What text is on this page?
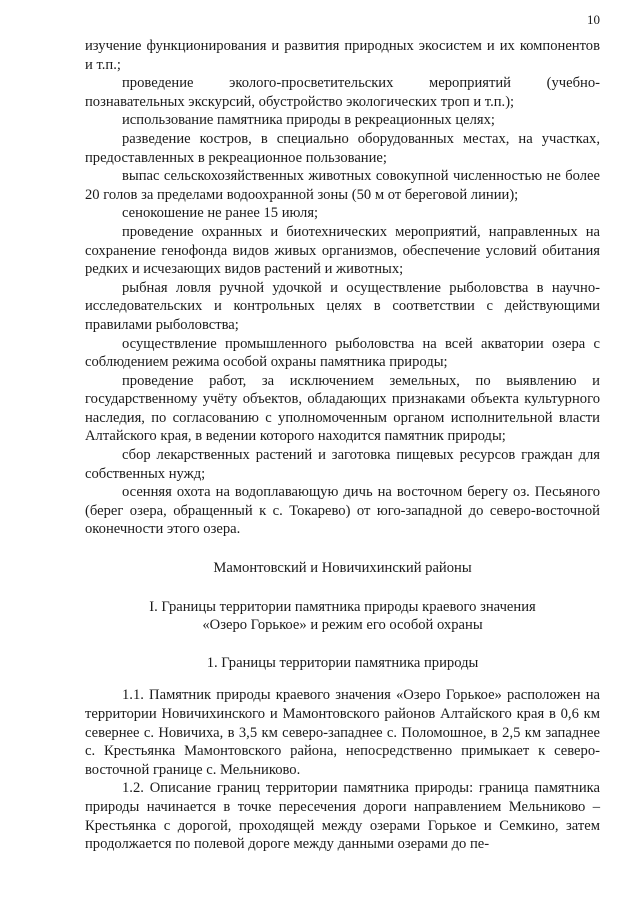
10

изучение функционирования и развития природных экосистем и их компонентов и т.п.;

проведение эколого-просветительских мероприятий (учебно-познавательных экскурсий, обустройство экологических троп и т.п.);

использование памятника природы в рекреационных целях;

разведение костров, в специально оборудованных местах, на участках, предоставленных в рекреационное пользование;

выпас сельскохозяйственных животных совокупной численностью не более 20 голов за пределами водоохранной зоны (50 м от береговой линии);

сенокошение не ранее 15 июля;

проведение охранных и биотехнических мероприятий, направленных на сохранение генофонда видов живых организмов, обеспечение условий обитания редких и исчезающих видов растений и животных;

рыбная ловля ручной удочкой и осуществление рыболовства в научно-исследовательских и контрольных целях в соответствии с действующими правилами рыболовства;

осуществление промышленного рыболовства на всей акватории озера с соблюдением режима особой охраны памятника природы;

проведение работ, за исключением земельных, по выявлению и государственному учёту объектов, обладающих признаками объекта культурного наследия, по согласованию с уполномоченным органом исполнительной власти Алтайского края, в ведении которого находится памятник природы;

сбор лекарственных растений и заготовка пищевых ресурсов граждан для собственных нужд;

осенняя охота на водоплавающую дичь на восточном берегу оз. Песьяного (берег озера, обращенный к с. Токарево) от юго-западной до северо-восточной оконечности этого озера.

Мамонтовский и Новичихинский районы

I. Границы территории памятника природы краевого значения

«Озеро Горькое» и режим его особой охраны

1. Границы территории памятника природы

1.1. Памятник природы краевого значения «Озеро Горькое» расположен на территории Новичихинского и Мамонтовского районов Алтайского края в 0,6 км севернее с. Новичиха, в 3,5 км северо-западнее с. Поломошное, в 2,5 км западнее с. Крестьянка Мамонтовского района, непосредственно примыкает к северо-восточной границе с. Мельниково.

1.2. Описание границ территории памятника природы: граница памятника природы начинается в точке пересечения дороги направлением Мельниково – Крестьянка с дорогой, проходящей между озерами Горькое и Семкино, затем продолжается по полевой дороге между данными озерами до пе-
